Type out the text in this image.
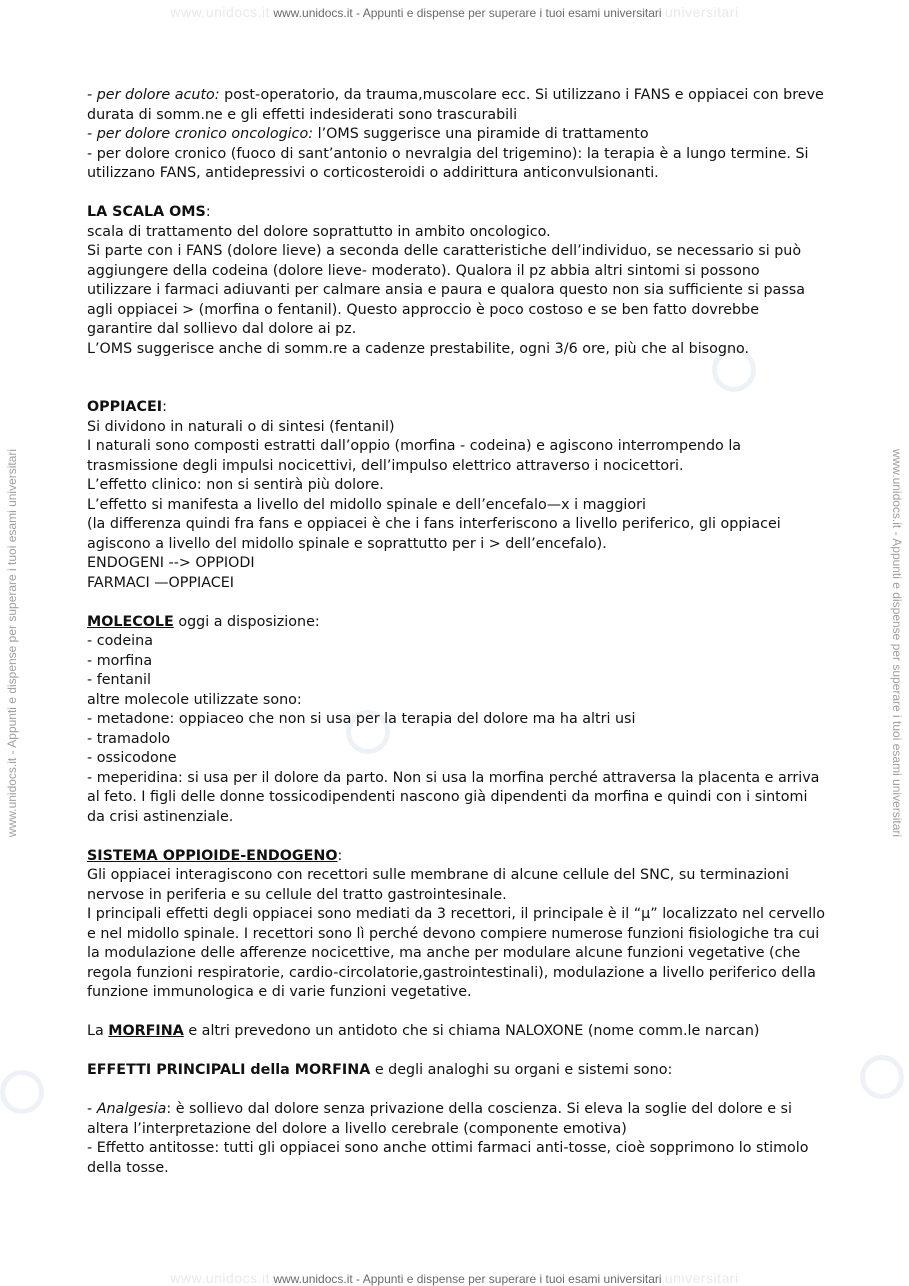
www.unidocs.it www.unidocs.it - Appunti e dispense per superare i tuoi esami universitari universitari
www.unidocs.it www.unidocs.it - Appunti e dispense per superare i tuoi esami universitari universitari
www.unidocs.it - Appunti e dispense per superare i tuoi esami universitari	www.unidocs.it - Appunti e dispense per superare i tuoi esami universitari

- per dolore acuto: post-operatorio, da trauma,muscolare ecc. Si utilizzano i FANS e oppiacei con breve durata di somm.ne e gli effetti indesiderati sono trascurabili

- per dolore cronico oncologico: l’OMS suggerisce una piramide di trattamento

- per dolore cronico (fuoco di sant’antonio o nevralgia del trigemino): la terapia è a lungo termine. Si utilizzano FANS, antidepressivi o corticosteroidi o addirittura anticonvulsionanti.

LA SCALA OMS:

scala di trattamento del dolore soprattutto in ambito oncologico.

Si parte con i FANS (dolore lieve) a seconda delle caratteristiche dell’individuo, se necessario si può aggiungere della codeina (dolore lieve- moderato). Qualora il pz abbia altri sintomi si possono utilizzare i farmaci adiuvanti per calmare ansia e paura e qualora questo non sia sufficiente si passa agli oppiacei > (morfina o fentanil). Questo approccio è poco costoso e se ben fatto dovrebbe garantire dal sollievo dal dolore ai pz.

L’OMS suggerisce anche di somm.re a cadenze prestabilite, ogni 3/6 ore, più che al bisogno.

OPPIACEI:

Si dividono in naturali o di sintesi (fentanil)

I naturali sono composti estratti dall’oppio (morfina - codeina) e agiscono interrompendo la trasmissione degli impulsi nocicettivi, dell’impulso elettrico attraverso i nocicettori.

L’effetto clinico: non si sentirà più dolore.

L’effetto si manifesta a livello del midollo spinale e dell’encefalo—x i maggiori

(la differenza quindi fra fans e oppiacei è che i fans interferiscono a livello periferico, gli oppiacei agiscono a livello del midollo spinale e soprattutto per i > dell’encefalo).

ENDOGENI --> OPPIODI

FARMACI —OPPIACEI

MOLECOLE oggi a disposizione:

- codeina

- morfina

- fentanil

altre molecole utilizzate sono:

- metadone: oppiaceo che non si usa per la terapia del dolore ma ha altri usi

- tramadolo

- ossicodone

- meperidina: si usa per il dolore da parto. Non si usa la morfina perché attraversa la placenta e arriva al feto. I figli delle donne tossicodipendenti nascono già dipendenti da morfina e quindi con i sintomi da crisi astinenziale.

SISTEMA OPPIOIDE-ENDOGENO:

Gli oppiacei interagiscono con recettori sulle membrane di alcune cellule del SNC, su terminazioni nervose in periferia e su cellule del tratto gastrointesinale.

I principali effetti degli oppiacei sono mediati da 3 recettori, il principale è il “μ” localizzato nel cervello e nel midollo spinale. I recettori sono lì perché devono compiere numerose funzioni fisiologiche tra cui la modulazione delle afferenze nocicettive, ma anche per modulare alcune funzioni vegetative (che regola funzioni respiratorie, cardio-circolatorie,gastrointestinali), modulazione a livello periferico della funzione immunologica e di varie funzioni vegetative.

La MORFINA e altri prevedono un antidoto che si chiama NALOXONE (nome comm.le narcan)

EFFETTI PRINCIPALI della MORFINA e degli analoghi su organi e sistemi sono:

- Analgesia: è sollievo dal dolore senza privazione della coscienza. Si eleva la soglie del dolore e si altera l’interpretazione del dolore a livello cerebrale (componente emotiva)

- Effetto antitosse: tutti gli oppiacei sono anche ottimi farmaci anti-tosse, cioè sopprimono lo stimolo della tosse.
